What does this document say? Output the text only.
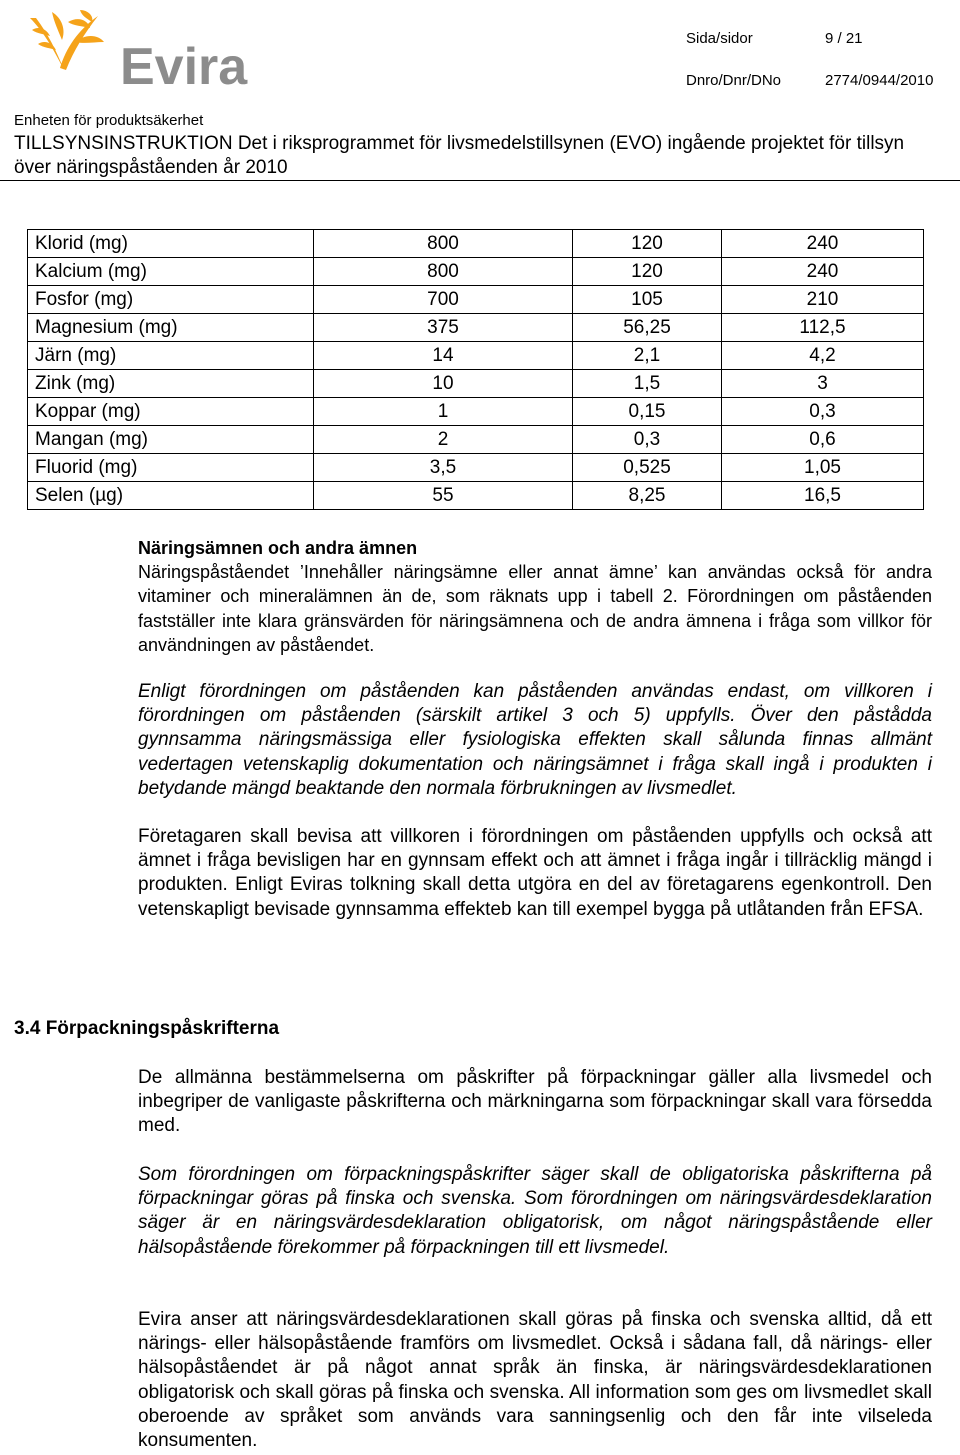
Evira	Sida/sidor	9 / 21
Dnro/Dnr/DNo	2774/0944/2010
Enheten för produktsäkerhet
TILLSYNSINSTRUKTION Det i riksprogrammet för livsmedelstillsynen (EVO) ingående projektet för tillsyn över näringspåståenden år 2010
Klorid (mg)	800	120	240
Kalcium (mg)	800	120	240
Fosfor (mg)	700	105	210
Magnesium (mg)	375	56,25	112,5
Järn (mg)	14	2,1	4,2
Zink (mg)	10	1,5	3
Koppar (mg)	1	0,15	0,3
Mangan (mg)	2	0,3	0,6
Fluorid (mg)	3,5	0,525	1,05
Selen (µg)	55	8,25	16,5

Näringsämnen och andra ämnen

Näringspåståendet ’Innehåller näringsämne eller annat ämne’ kan användas också för andra vitaminer och mineralämnen än de, som räknats upp i tabell 2. Förordningen om påståenden fastställer inte klara gränsvärden för näringsämnena och de andra ämnena i fråga som villkor för användningen av påståendet.

Enligt förordningen om påståenden kan påståenden användas endast, om villkoren i förordningen om påståenden (särskilt artikel 3 och 5) uppfylls. Över den påstådda gynnsamma näringsmässiga eller fysiologiska effekten skall sålunda finnas allmänt vedertagen vetenskaplig dokumentation och näringsämnet i fråga skall ingå i produkten i betydande mängd beaktande den normala förbrukningen av livsmedlet.
Företagaren skall bevisa att villkoren i förordningen om påståenden uppfylls och också att ämnet i fråga bevisligen har en gynnsam effekt och att ämnet i fråga ingår i tillräcklig mängd i produkten. Enligt Eviras tolkning skall detta utgöra en del av företagarens egenkontroll. Den vetenskapligt bevisade gynnsamma effekteb kan till exempel bygga på utlåtanden från EFSA.
3.4 Förpackningspåskrifterna
De allmänna bestämmelserna om påskrifter på förpackningar gäller alla livsmedel och inbegriper de vanligaste påskrifterna och märkningarna som förpackningar skall vara försedda med.
Som förordningen om förpackningspåskrifter säger skall de obligatoriska påskrifterna på förpackningar göras på finska och svenska. Som förordningen om näringsvärdesdeklaration säger är en näringsvärdesdeklaration obligatorisk, om något näringspåstående eller hälsopåstående förekommer på förpackningen till ett livsmedel.
Evira anser att näringsvärdesdeklarationen skall göras på finska och svenska alltid, då ett närings- eller hälsopåstående framförs om livsmedlet. Också i sådana fall, då närings- eller hälsopåståendet är på något annat språk än finska, är näringsvärdesdeklarationen obligatorisk och skall göras på finska och svenska. All information som ges om livsmedlet skall oberoende av språket som används vara sanningsenlig och den får inte vilseleda konsumenten.
